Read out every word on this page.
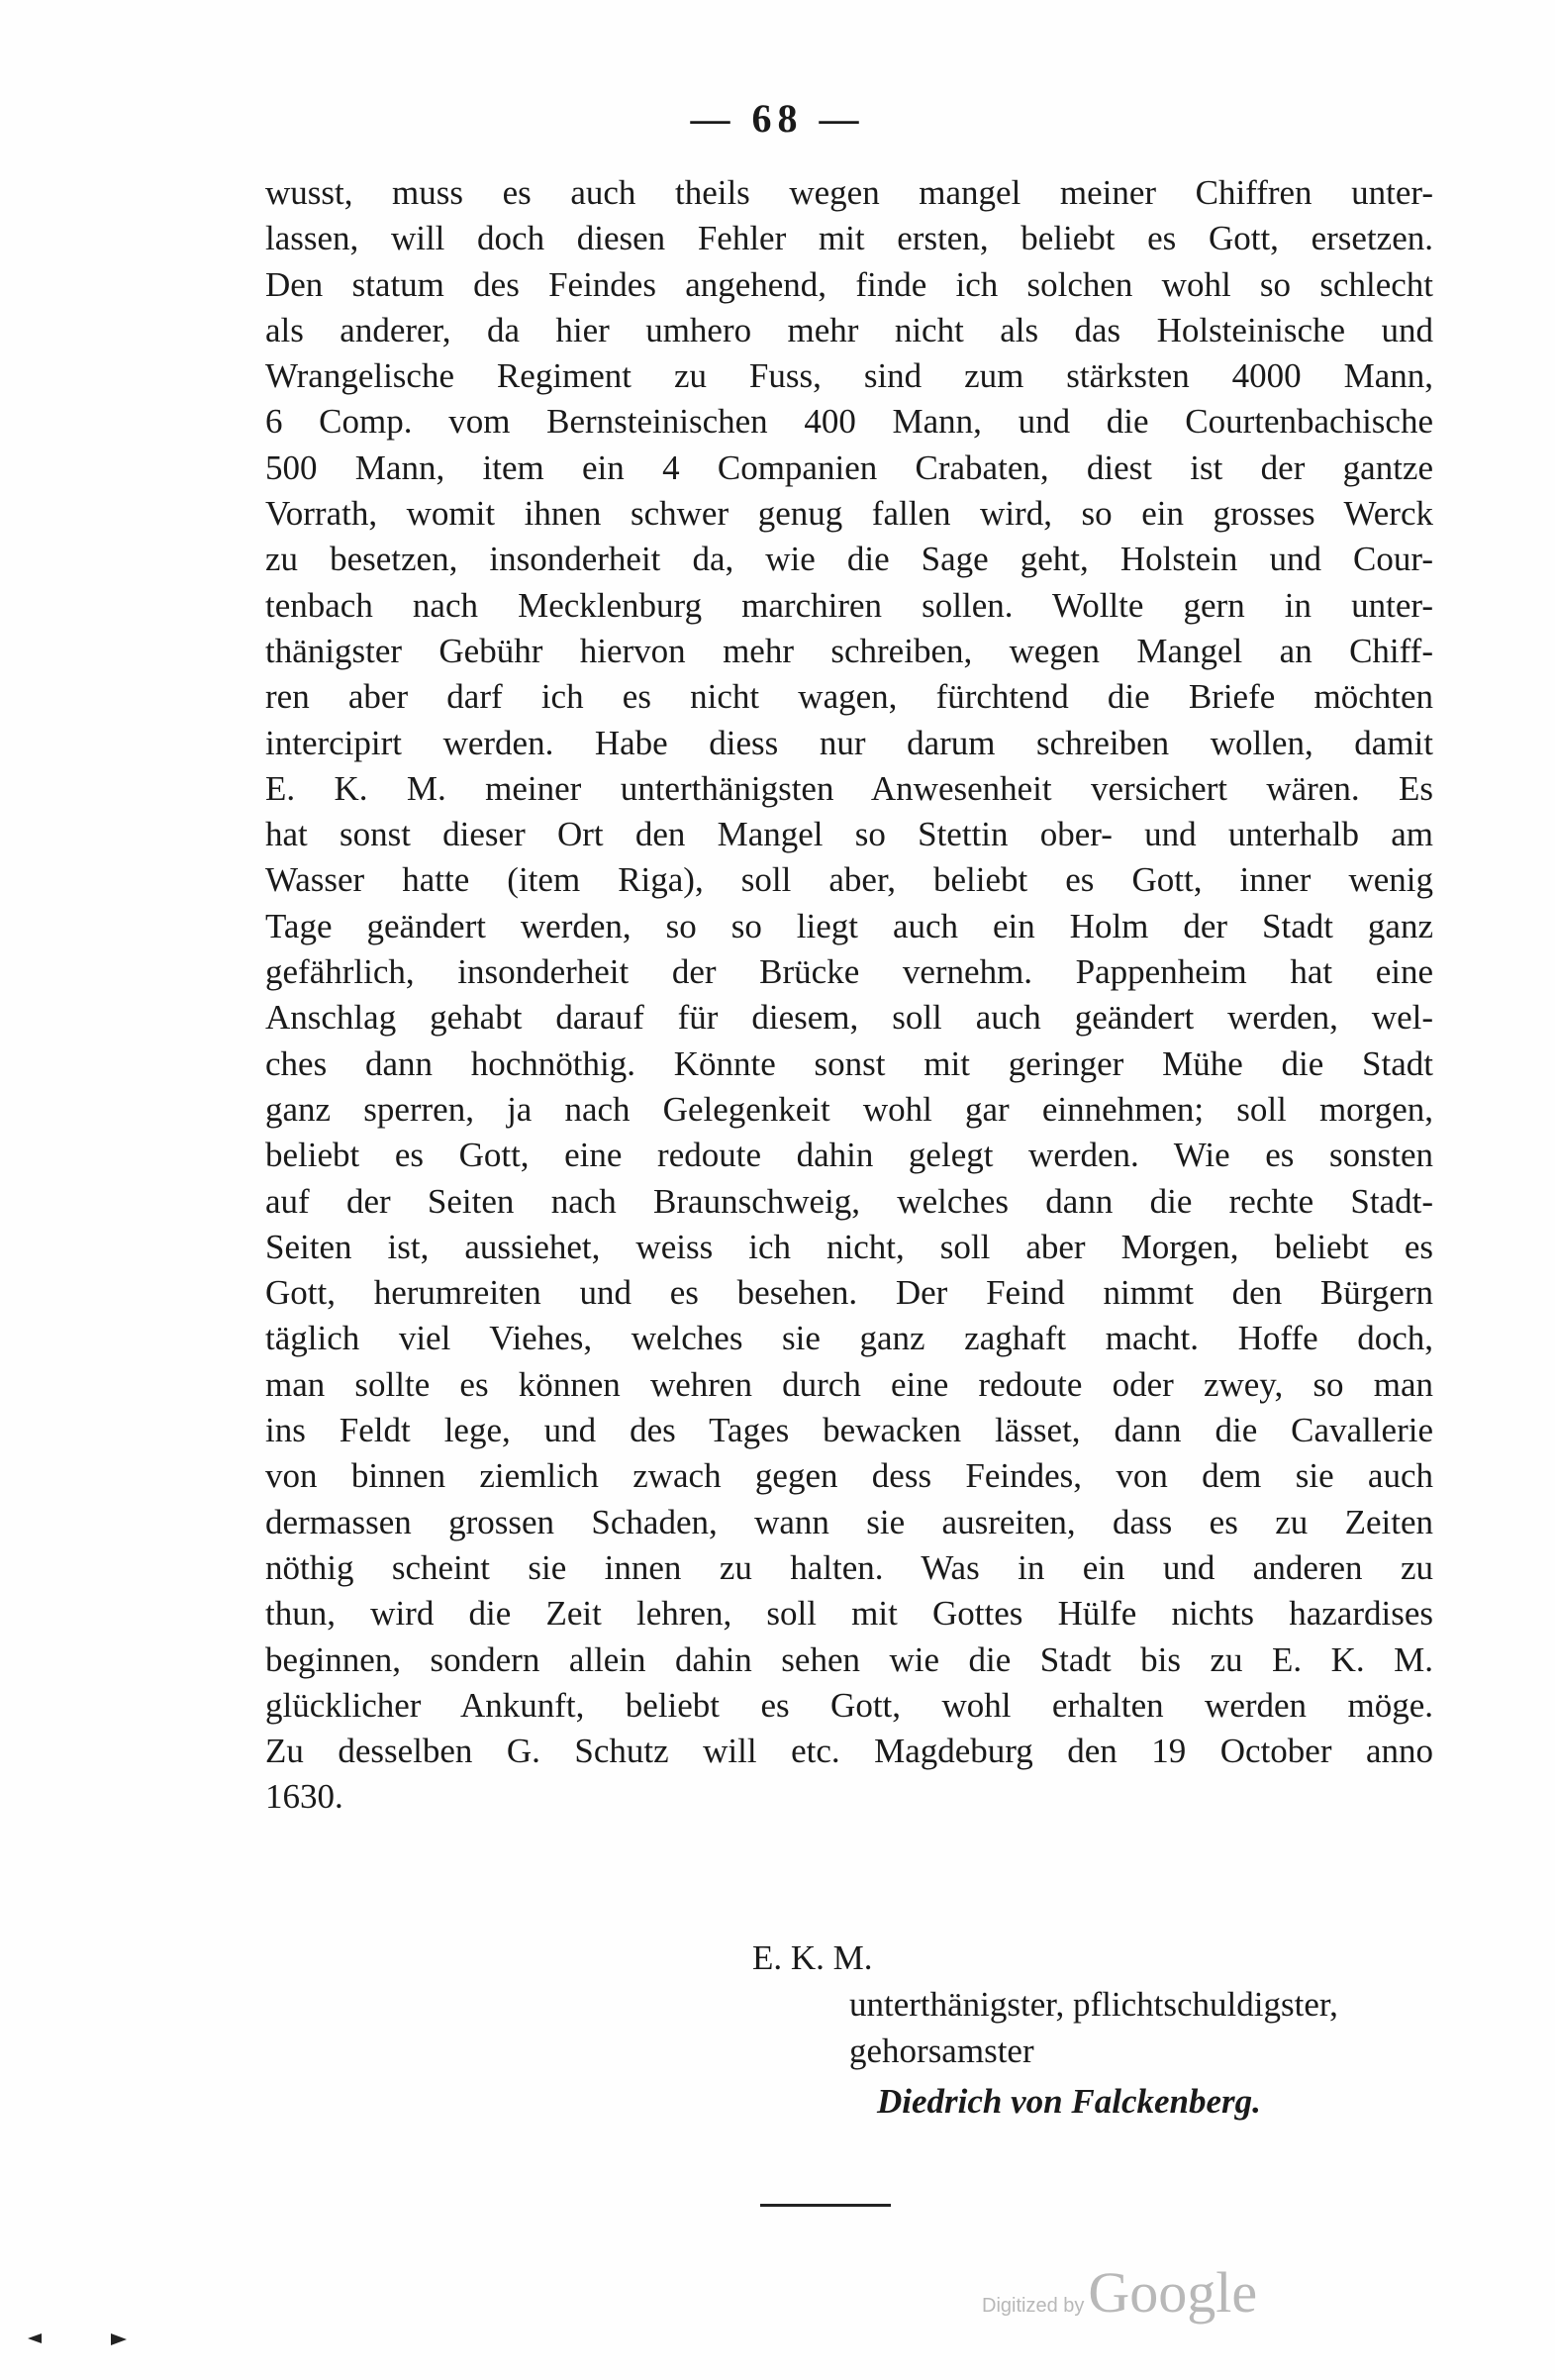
— 68 —
wusst, muss es auch theils wegen mangel meiner Chiffren unter-
lassen, will doch diesen Fehler mit ersten, beliebt es Gott, ersetzen.
Den statum des Feindes angehend, finde ich solchen wohl so schlecht
als anderer, da hier umhero mehr nicht als das Holsteinische und
Wrangelische Regiment zu Fuss, sind zum stärksten 4000 Mann,
6 Comp. vom Bernsteinischen 400 Mann, und die Courtenbachische
500 Mann, item ein 4 Companien Crabaten, diest ist der gantze
Vorrath, womit ihnen schwer genug fallen wird, so ein grosses Werck
zu besetzen, insonderheit da, wie die Sage geht, Holstein und Cour-
tenbach nach Mecklenburg marchiren sollen. Wollte gern in unter-
thänigster Gebühr hiervon mehr schreiben, wegen Mangel an Chiff-
ren aber darf ich es nicht wagen, fürchtend die Briefe möchten
intercipirt werden. Habe diess nur darum schreiben wollen, damit
E. K. M. meiner unterthänigsten Anwesenheit versichert wären. Es
hat sonst dieser Ort den Mangel so Stettin ober- und unterhalb am
Wasser hatte (item Riga), soll aber, beliebt es Gott, inner wenig
Tage geändert werden, so so liegt auch ein Holm der Stadt ganz
gefährlich, insonderheit der Brücke vernehm. Pappenheim hat eine
Anschlag gehabt darauf für diesem, soll auch geändert werden, wel-
ches dann hochnöthig. Könnte sonst mit geringer Mühe die Stadt
ganz sperren, ja nach Gelegenkeit wohl gar einnehmen; soll morgen,
beliebt es Gott, eine redoute dahin gelegt werden. Wie es sonsten
auf der Seiten nach Braunschweig, welches dann die rechte Stadt-
Seiten ist, aussiehet, weiss ich nicht, soll aber Morgen, beliebt es
Gott, herumreiten und es besehen. Der Feind nimmt den Bürgern
täglich viel Viehes, welches sie ganz zaghaft macht. Hoffe doch,
man sollte es können wehren durch eine redoute oder zwey, so man
ins Feldt lege, und des Tages bewacken lässet, dann die Cavallerie
von binnen ziemlich zwach gegen dess Feindes, von dem sie auch
dermassen grossen Schaden, wann sie ausreiten, dass es zu Zeiten
nöthig scheint sie innen zu halten. Was in ein und anderen zu
thun, wird die Zeit lehren, soll mit Gottes Hülfe nichts hazardises
beginnen, sondern allein dahin sehen wie die Stadt bis zu E. K. M.
glücklicher Ankunft, beliebt es Gott, wohl erhalten werden möge.
Zu desselben G. Schutz will etc. Magdeburg den 19 October anno
1630.
E. K. M.
unterthänigster, pflichtschuldigster,
gehorsamster
Diedrich von Falckenberg.
Digitized byGoogle
